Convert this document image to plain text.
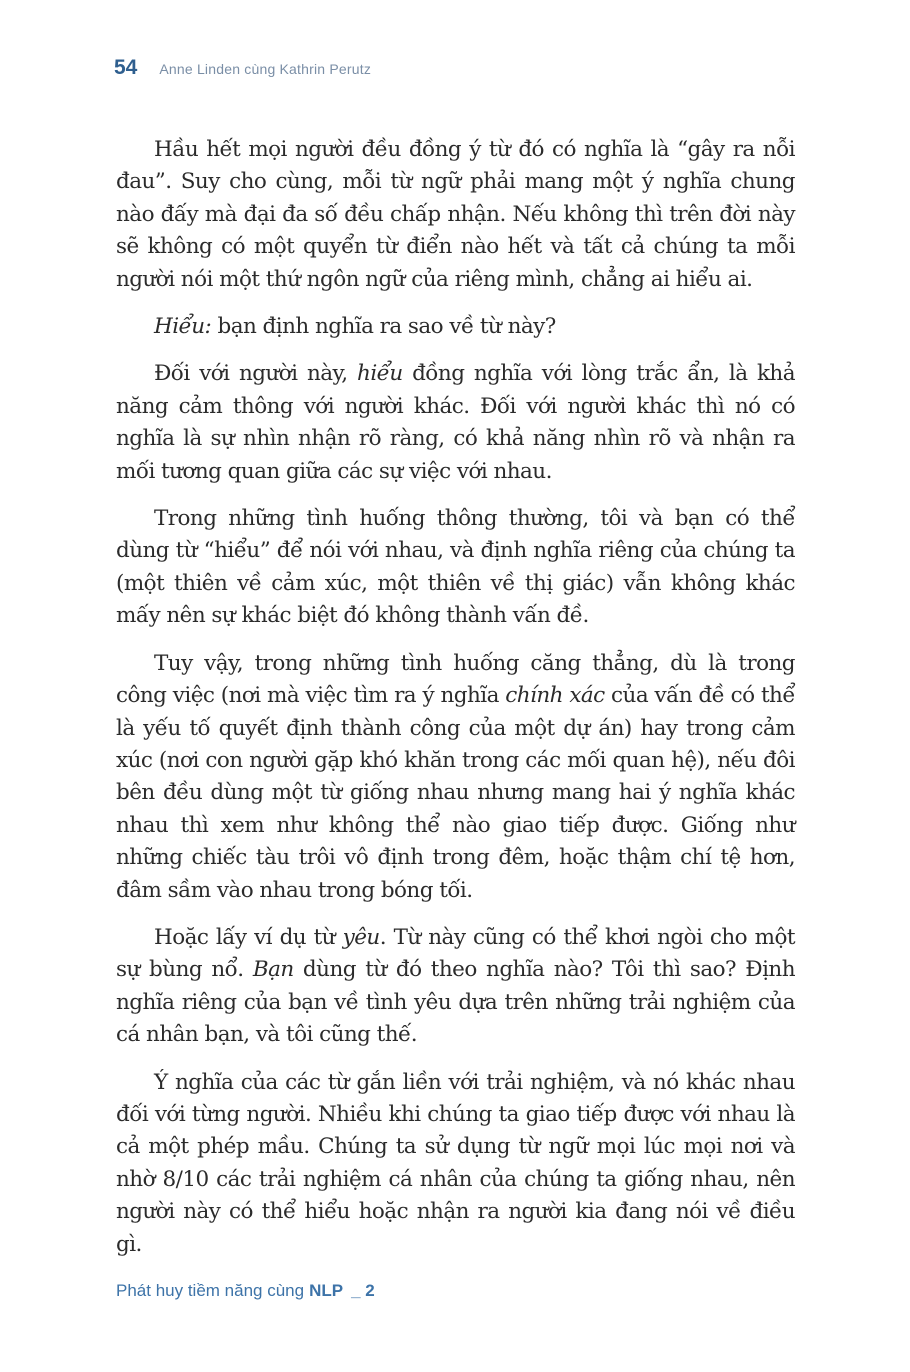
54 Anne Linden cùng Kathrin Perutz

Hầu hết mọi người đều đồng ý từ đó có nghĩa là “gây ra nỗi đau”. Suy cho cùng, mỗi từ ngữ phải mang một ý nghĩa chung nào đấy mà đại đa số đều chấp nhận. Nếu không thì trên đời này sẽ không có một quyển từ điển nào hết và tất cả chúng ta mỗi người nói một thứ ngôn ngữ của riêng mình, chẳng ai hiểu ai.

Hiểu: bạn định nghĩa ra sao về từ này?

Đối với người này, hiểu đồng nghĩa với lòng trắc ẩn, là khả năng cảm thông với người khác. Đối với người khác thì nó có nghĩa là sự nhìn nhận rõ ràng, có khả năng nhìn rõ và nhận ra mối tương quan giữa các sự việc với nhau.

Trong những tình huống thông thường, tôi và bạn có thể dùng từ “hiểu” để nói với nhau, và định nghĩa riêng của chúng ta (một thiên về cảm xúc, một thiên về thị giác) vẫn không khác mấy nên sự khác biệt đó không thành vấn đề.

Tuy vậy, trong những tình huống căng thẳng, dù là trong công việc (nơi mà việc tìm ra ý nghĩa chính xác của vấn đề có thể là yếu tố quyết định thành công của một dự án) hay trong cảm xúc (nơi con người gặp khó khăn trong các mối quan hệ), nếu đôi bên đều dùng một từ giống nhau nhưng mang hai ý nghĩa khác nhau thì xem như không thể nào giao tiếp được. Giống như những chiếc tàu trôi vô định trong đêm, hoặc thậm chí tệ hơn, đâm sầm vào nhau trong bóng tối.

Hoặc lấy ví dụ từ yêu. Từ này cũng có thể khơi ngòi cho một sự bùng nổ. Bạn dùng từ đó theo nghĩa nào? Tôi thì sao? Định nghĩa riêng của bạn về tình yêu dựa trên những trải nghiệm của cá nhân bạn, và tôi cũng thế.

Ý nghĩa của các từ gắn liền với trải nghiệm, và nó khác nhau đối với từng người. Nhiều khi chúng ta giao tiếp được với nhau là cả một phép mầu. Chúng ta sử dụng từ ngữ mọi lúc mọi nơi và nhờ 8/10 các trải nghiệm cá nhân của chúng ta giống nhau, nên người này có thể hiểu hoặc nhận ra người kia đang nói về điều gì.

Phát huy tiềm năng cùng NLP _ 2
